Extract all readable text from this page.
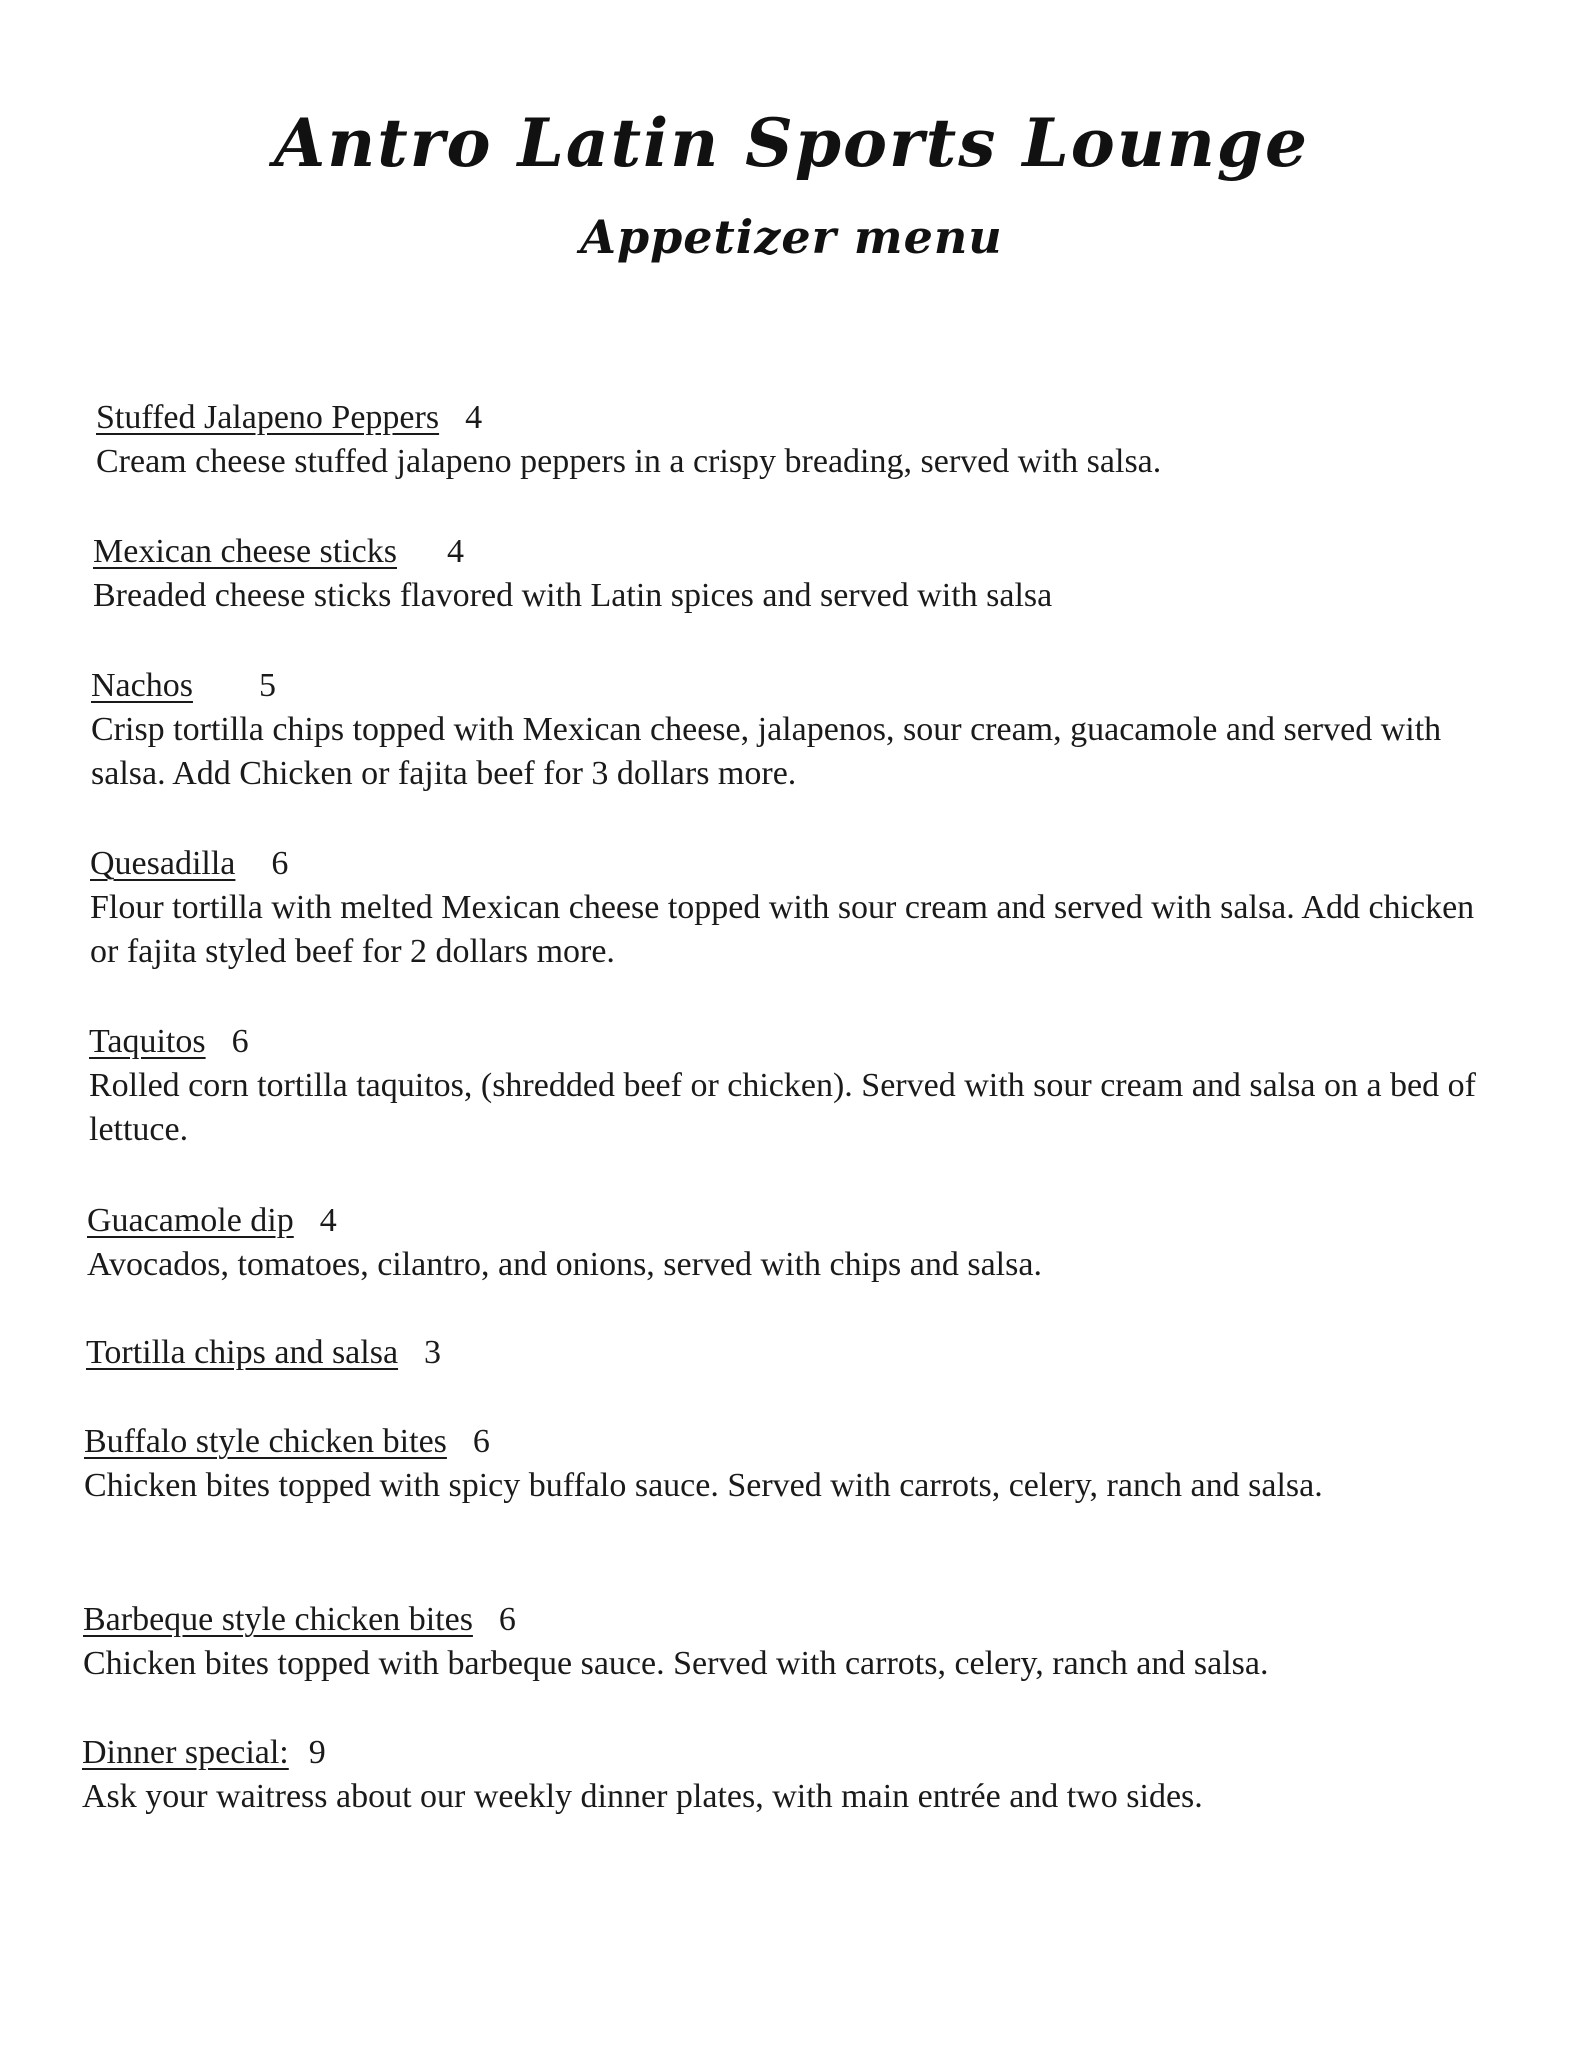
Antro Latin Sports Lounge
Appetizer menu
Stuffed Jalapeno Peppers 4
Cream cheese stuffed jalapeno peppers in a crispy breading, served with salsa.
Mexican cheese sticks 4
Breaded cheese sticks flavored with Latin spices and served with salsa
Nachos 5
Crisp tortilla chips topped with Mexican cheese, jalapenos, sour cream, guacamole and served with salsa. Add Chicken or fajita beef for 3 dollars more.
Quesadilla 6
Flour tortilla with melted Mexican cheese topped with sour cream and served with salsa. Add chicken or fajita styled beef for 2 dollars more.
Taquitos 6
Rolled corn tortilla taquitos, (shredded beef or chicken). Served with sour cream and salsa on a bed of lettuce.
Guacamole dip 4
Avocados, tomatoes, cilantro, and onions, served with chips and salsa.
Tortilla chips and salsa 3
Buffalo style chicken bites 6
Chicken bites topped with spicy buffalo sauce. Served with carrots, celery, ranch and salsa.
Barbeque style chicken bites 6
Chicken bites topped with barbeque sauce. Served with carrots, celery, ranch and salsa.
Dinner special: 9
Ask your waitress about our weekly dinner plates, with main entrée and two sides.
